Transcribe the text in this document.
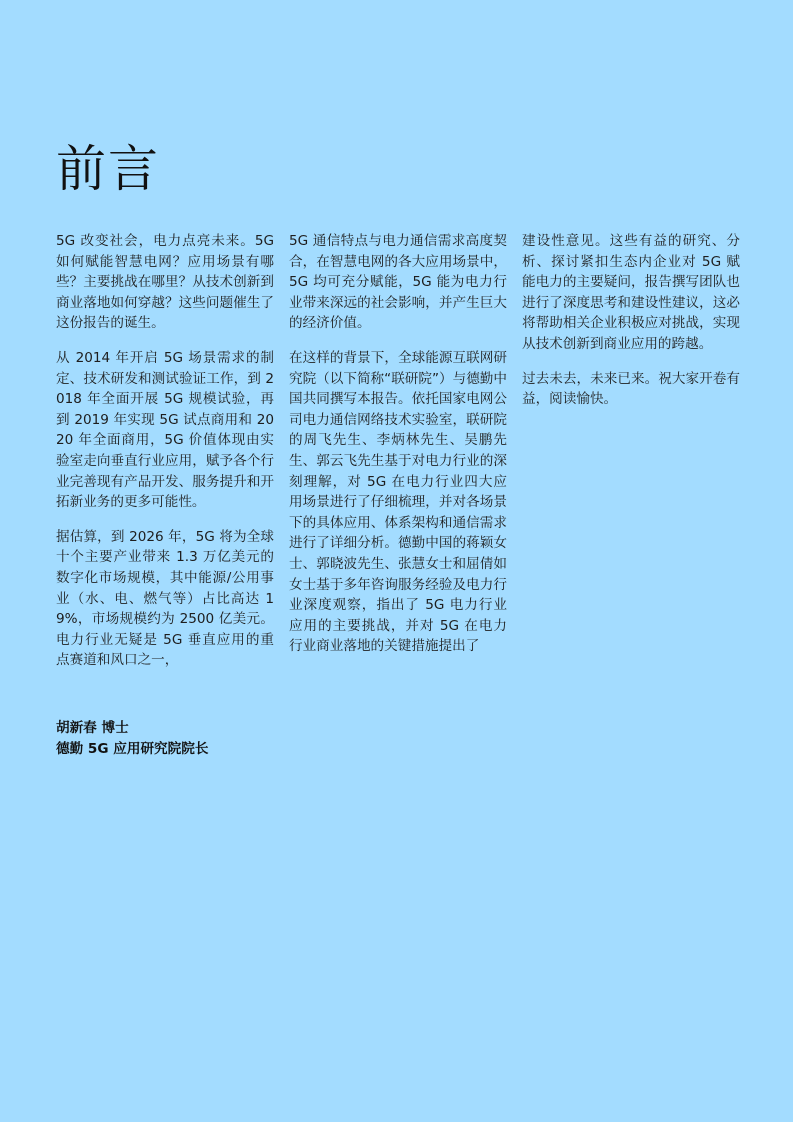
前言

5G 改变社会，电力点亮未来。5G 如何赋能智慧电网？应用场景有哪些？主要挑战在哪里？从技术创新到商业落地如何穿越？这些问题催生了这份报告的诞生。

从 2014 年开启 5G 场景需求的制定、技术研发和测试验证工作，到 2018 年全面开展 5G 规模试验，再到 2019 年实现 5G 试点商用和 2020 年全面商用，5G 价值体现由实验室走向垂直行业应用，赋予各个行业完善现有产品开发、服务提升和开拓新业务的更多可能性。

据估算，到 2026 年，5G 将为全球十个主要产业带来 1.3 万亿美元的数字化市场规模，其中能源/公用事业（水、电、燃气等）占比高达 19%，市场规模约为 2500 亿美元。电力行业无疑是 5G 垂直应用的重点赛道和风口之一，

5G 通信特点与电力通信需求高度契合，在智慧电网的各大应用场景中，5G 均可充分赋能，5G 能为电力行业带来深远的社会影响，并产生巨大的经济价值。

在这样的背景下，全球能源互联网研究院（以下简称“联研院”）与德勤中国共同撰写本报告。依托国家电网公司电力通信网络技术实验室，联研院的周飞先生、李炳林先生、吴鹏先生、郭云飞先生基于对电力行业的深刻理解，对 5G 在电力行业四大应用场景进行了仔细梳理，并对各场景下的具体应用、体系架构和通信需求进行了详细分析。德勤中国的蒋颖女士、郭晓波先生、张慧女士和屈倩如女士基于多年咨询服务经验及电力行业深度观察，指出了 5G 电力行业应用的主要挑战，并对 5G 在电力行业商业落地的关键措施提出了

建设性意见。这些有益的研究、分析、探讨紧扣生态内企业对 5G 赋能电力的主要疑问，报告撰写团队也进行了深度思考和建设性建议，这必将帮助相关企业积极应对挑战，实现从技术创新到商业应用的跨越。

过去未去，未来已来。祝大家开卷有益，阅读愉快。

胡新春 博士
德勤 5G 应用研究院院长
